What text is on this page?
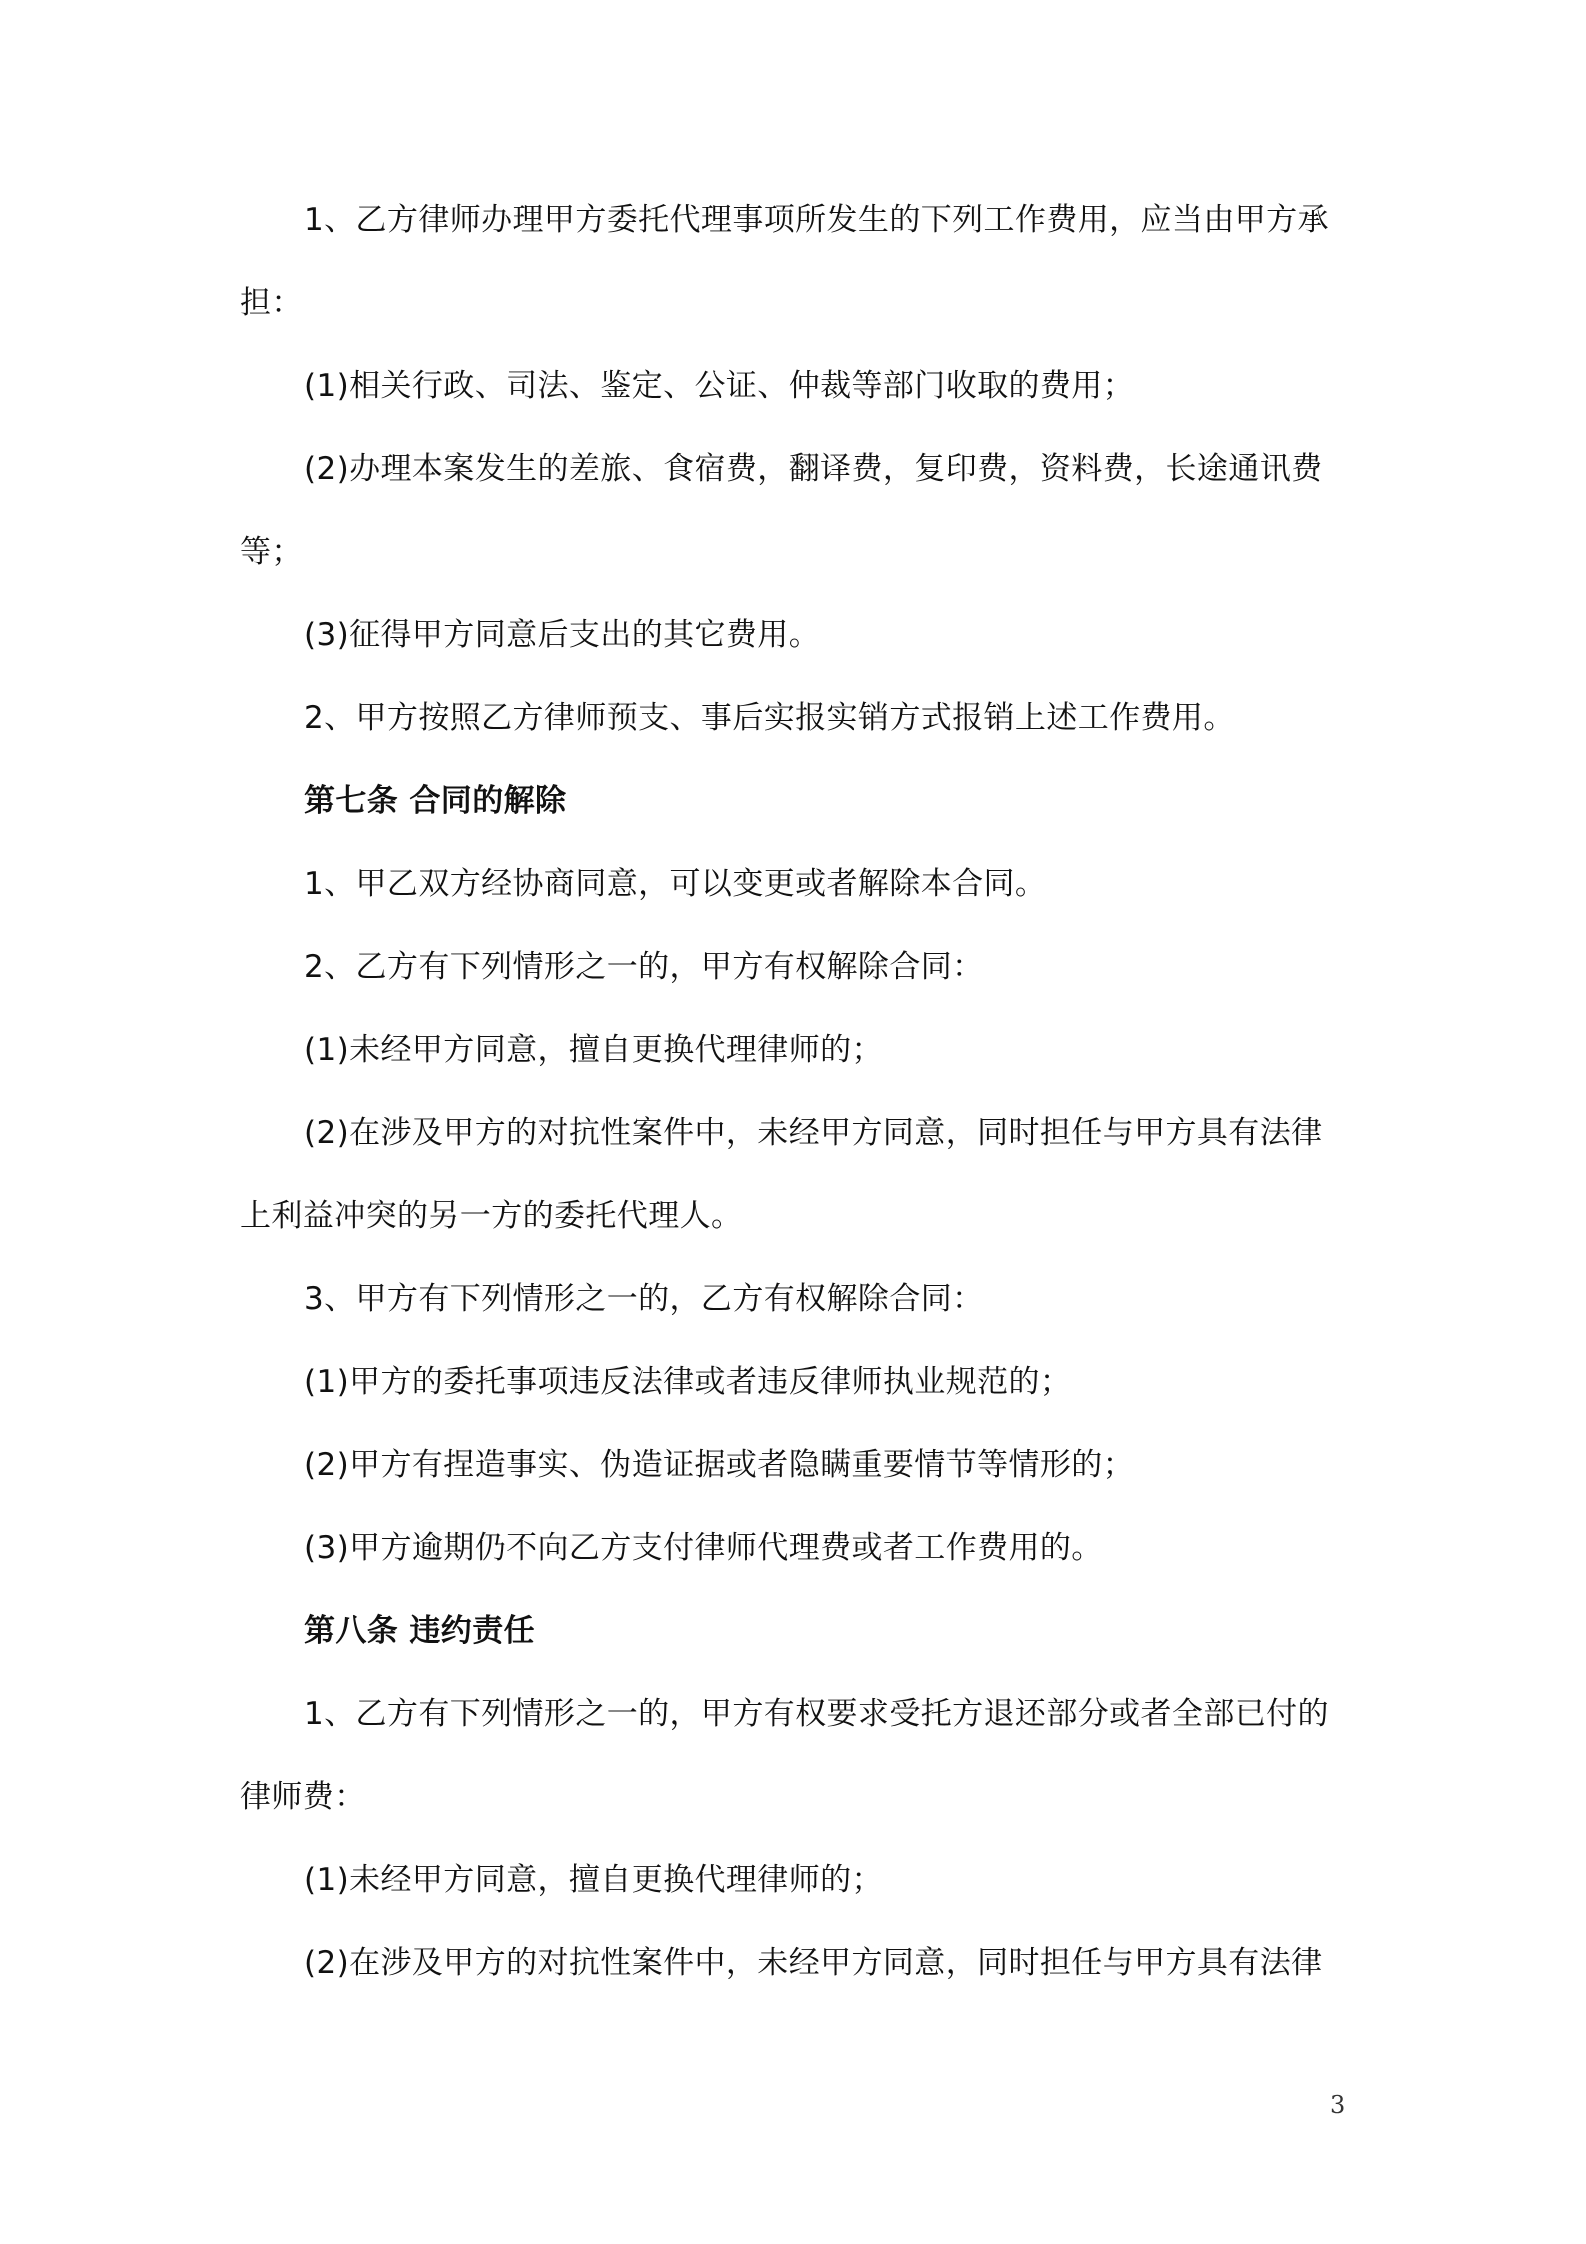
1、乙方律师办理甲方委托代理事项所发生的下列工作费用，应当由甲方承
担：
(1)相关行政、司法、鉴定、公证、仲裁等部门收取的费用；
(2)办理本案发生的差旅、食宿费，翻译费，复印费，资料费，长途通讯费
等；
(3)征得甲方同意后支出的其它费用。
2、甲方按照乙方律师预支、事后实报实销方式报销上述工作费用。
第七条 合同的解除
1、甲乙双方经协商同意，可以变更或者解除本合同。
2、乙方有下列情形之一的，甲方有权解除合同：
(1)未经甲方同意，擅自更换代理律师的；
(2)在涉及甲方的对抗性案件中，未经甲方同意，同时担任与甲方具有法律
上利益冲突的另一方的委托代理人。
3、甲方有下列情形之一的，乙方有权解除合同：
(1)甲方的委托事项违反法律或者违反律师执业规范的；
(2)甲方有捏造事实、伪造证据或者隐瞒重要情节等情形的；
(3)甲方逾期仍不向乙方支付律师代理费或者工作费用的。
第八条 违约责任
1、乙方有下列情形之一的，甲方有权要求受托方退还部分或者全部已付的
律师费：
(1)未经甲方同意，擅自更换代理律师的；
(2)在涉及甲方的对抗性案件中，未经甲方同意，同时担任与甲方具有法律
3
